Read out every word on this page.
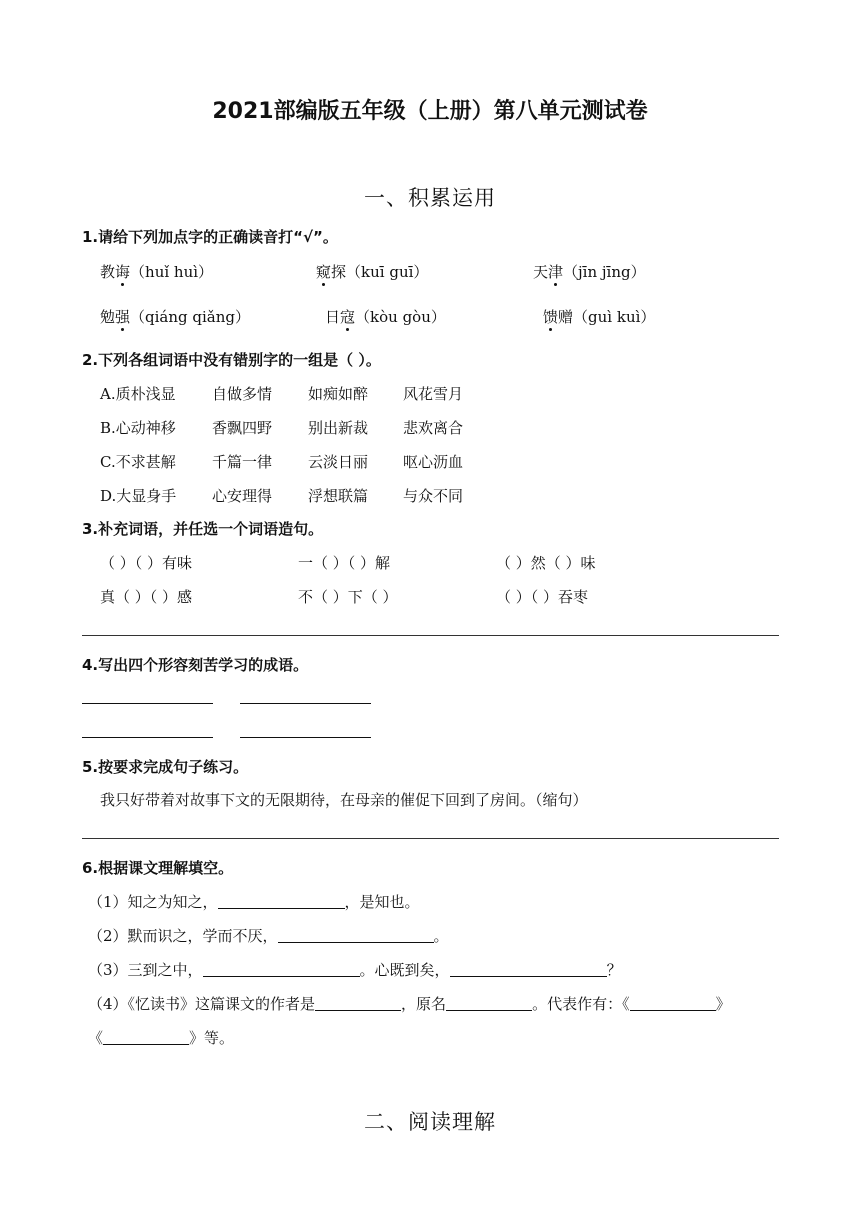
2021部编版五年级（上册）第八单元测试卷
一、积累运用
1.请给下列加点字的正确读音打“√”。
教诲（huǐ huì）	窥探（kuī guī）	天津（jīn jīng）
勉强（qiáng qiǎng）	日寇（kòu gòu）	馈赠（guì kuì）
2.下列各组词语中没有错别字的一组是（ ）。
A.质朴浅显 自做多情 如痴如醉 风花雪月
B.心动神移 香飘四野 别出新裁 悲欢离合
C.不求甚解 千篇一律 云淡日丽 呕心沥血
D.大显身手 心安理得 浮想联篇 与众不同
3.补充词语，并任选一个词语造句。
（ ）（ ）有味	一（ ）（ ）解	（ ）然（ ）味
真（ ）（ ）感	不（ ）下（ ）	（ ）（ ）吞枣
4.写出四个形容刻苦学习的成语。
5.按要求完成句子练习。
我只好带着对故事下文的无限期待，在母亲的催促下回到了房间。（缩句）
6.根据课文理解填空。
（1）知之为知之，	，是知也。
（2）默而识之，学而不厌，	。
（3）三到之中，	。心既到矣，	？
（4）《忆读书》这篇课文的作者是	，原名	。代表作有：《	》
《	》等。
二、阅读理解
